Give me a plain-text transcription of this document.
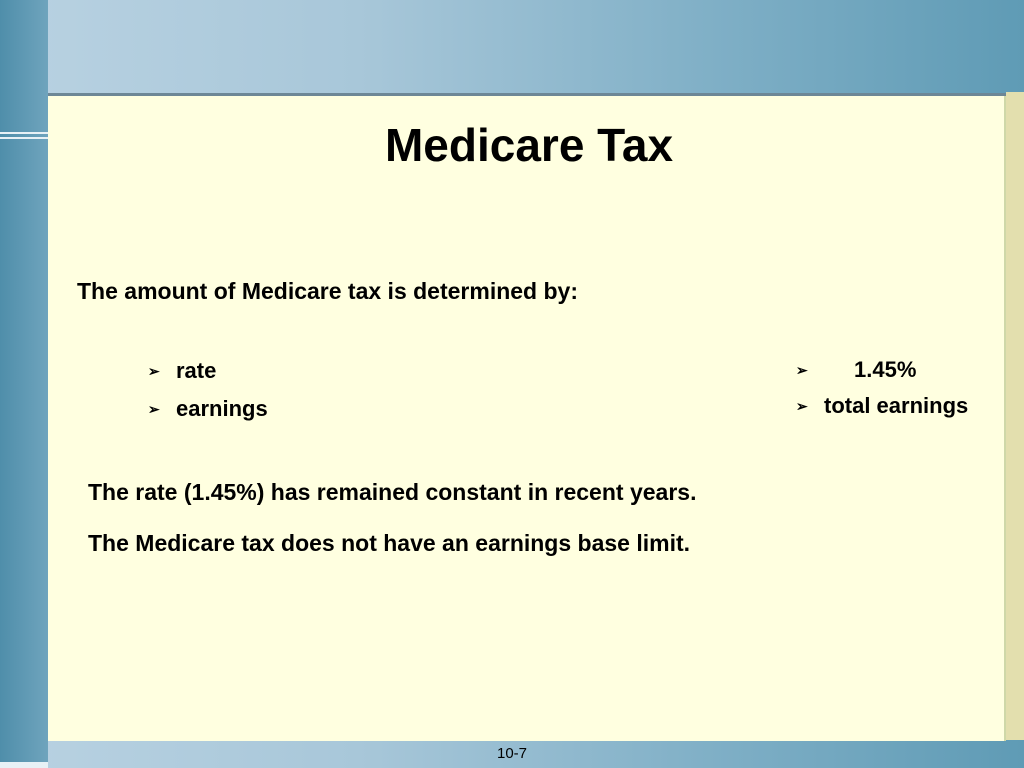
Medicare Tax
The amount of Medicare tax is determined by:
➢ rate
➢ earnings
➢ 1.45%
➢ total earnings
The rate (1.45%) has remained constant in recent years.
The Medicare tax does not have an earnings base limit.
10-7
